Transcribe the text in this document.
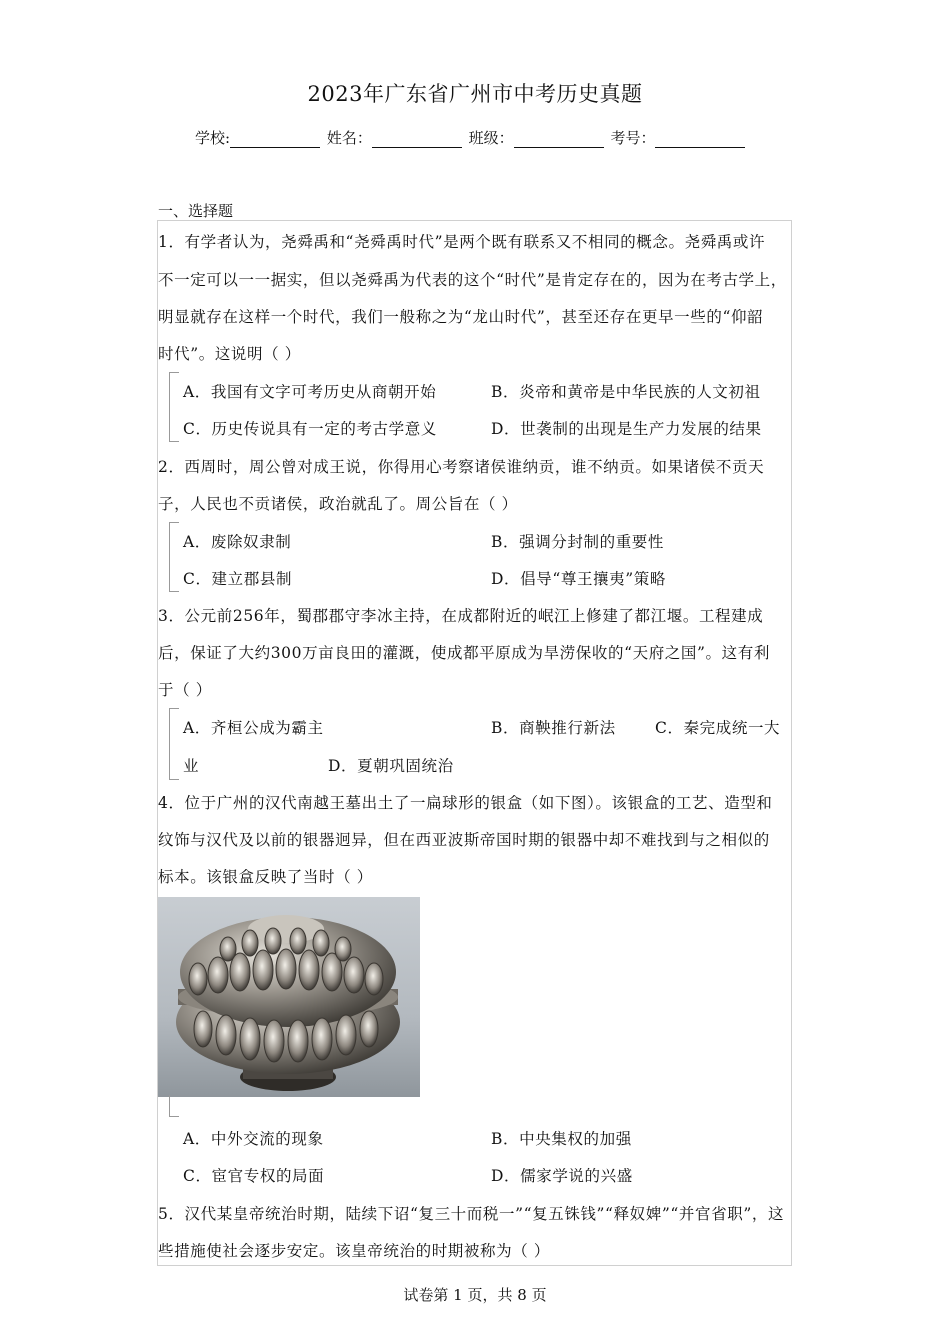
2023年广东省广州市中考历史真题
学校:	姓名：	班级：	考号：
一、选择题
1．有学者认为，尧舜禹和“尧舜禹时代”是两个既有联系又不相同的概念。尧舜禹或许
不一定可以一一据实，但以尧舜禹为代表的这个“时代”是肯定存在的，因为在考古学上，
明显就存在这样一个时代，我们一般称之为“龙山时代”，甚至还存在更早一些的“仰韶
时代”。这说明（ ）
A．我国有文字可考历史从商朝开始	B．炎帝和黄帝是中华民族的人文初祖
C．历史传说具有一定的考古学意义	D．世袭制的出现是生产力发展的结果
2．西周时，周公曾对成王说，你得用心考察诸侯谁纳贡，谁不纳贡。如果诸侯不贡天
子，人民也不贡诸侯，政治就乱了。周公旨在（ ）
A．废除奴隶制	B．强调分封制的重要性
C．建立郡县制	D．倡导“尊王攘夷”策略
3．公元前256年，蜀郡郡守李冰主持，在成都附近的岷江上修建了都江堰。工程建成
后，保证了大约300万亩良田的灌溉，使成都平原成为旱涝保收的“天府之国”。这有利
于（ ）
A．齐桓公成为霸主	B．商鞅推行新法	C．秦完成统一大
业	D．夏朝巩固统治
4．位于广州的汉代南越王墓出土了一扁球形的银盒（如下图）。该银盒的工艺、造型和
纹饰与汉代及以前的银器迥异，但在西亚波斯帝国时期的银器中却不难找到与之相似的
标本。该银盒反映了当时（ ）
A．中外交流的现象	B．中央集权的加强
C．宦官专权的局面	D．儒家学说的兴盛
5．汉代某皇帝统治时期，陆续下诏“复三十而税一”“复五铢钱”“释奴婢”“并官省职”，这
些措施使社会逐步安定。该皇帝统治的时期被称为（ ）
试卷第 1 页，共 8 页
